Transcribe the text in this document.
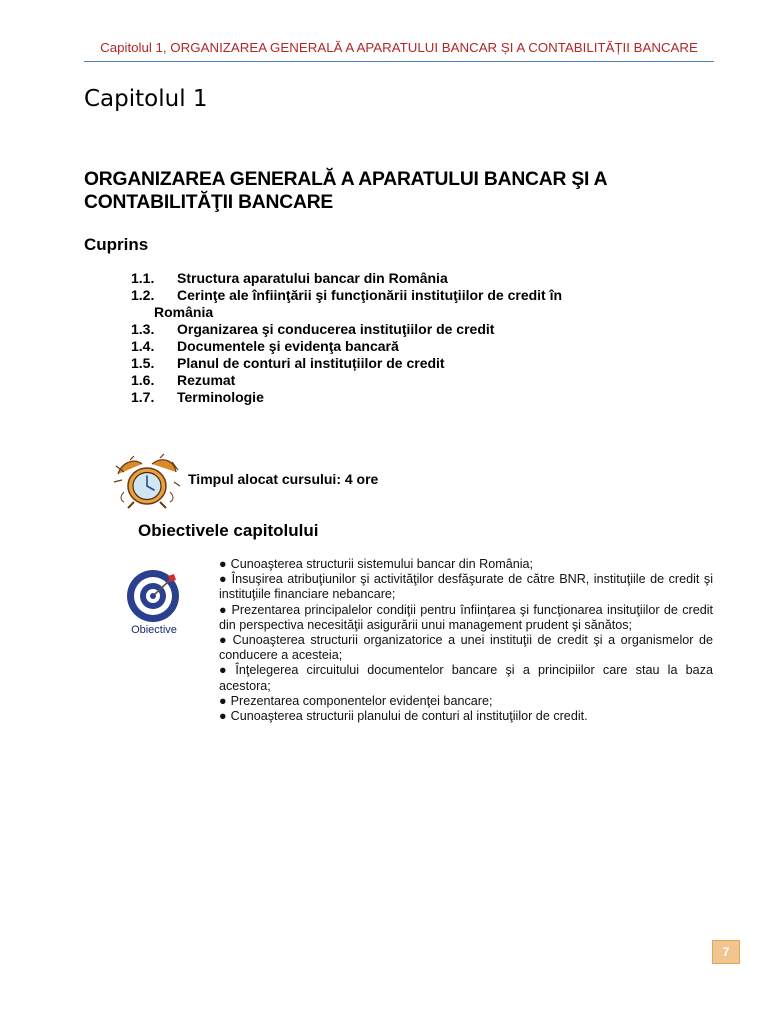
Capitolul 1, ORGANIZAREA GENERALĂ A APARATULUI BANCAR ȘI A CONTABILITĂȚII BANCARE
Capitolul 1
ORGANIZAREA GENERALĂ A APARATULUI BANCAR ŞI A
CONTABILITĂŢII BANCARE
Cuprins
1.1. Structura aparatului bancar din România
1.2. Cerinţe ale înfiinţării şi funcţionării instituţiilor de credit în
România
1.3. Organizarea şi conducerea instituţiilor de credit
1.4. Documentele şi evidenţa bancară
1.5. Planul de conturi al instituțiilor de credit
1.6. Rezumat
1.7. Terminologie
Timpul alocat cursului: 4 ore
Obiectivele capitolului
Obiective

● Cunoaşterea structurii sistemului bancar din România;

● Însuşirea atribuţiunilor şi activităţilor desfăşurate de către BNR, instituţiile de credit şi instituţiile financiare nebancare;

● Prezentarea principalelor condiţii pentru înfiinţarea şi funcţionarea insituţiilor de credit din perspectiva necesităţii asigurării unui management prudent şi sănătos;

● Cunoaşterea structurii organizatorice a unei instituţii de credit şi a organismelor de conducere a acesteia;

● Înţelegerea circuitului documentelor bancare şi a principiilor care stau la baza acestora;

● Prezentarea componentelor evidenţei bancare;

● Cunoaşterea structurii planului de conturi al instituţiilor de credit.

7
